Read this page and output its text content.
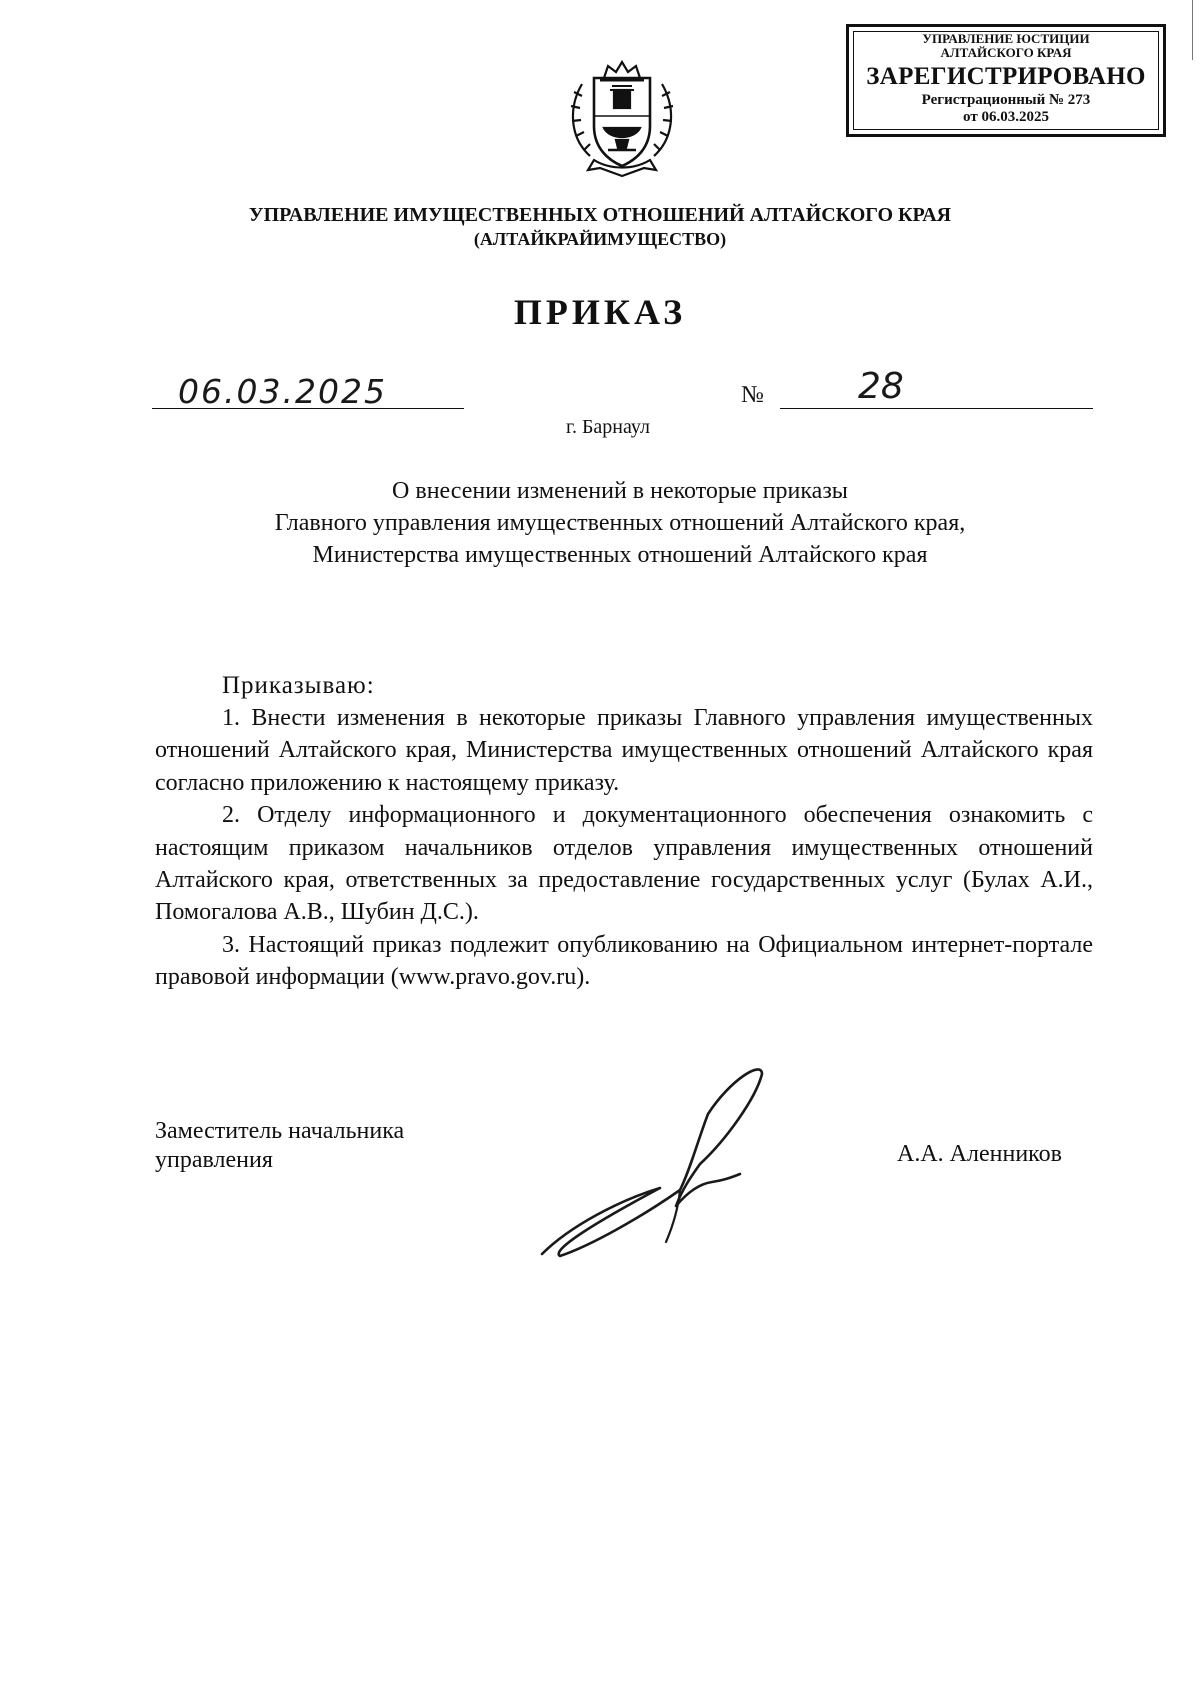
УПРАВЛЕНИЕ ЮСТИЦИИ
АЛТАЙСКОГО КРАЯ
ЗАРЕГИСТРИРОВАНО
Регистрационный № 273
от 06.03.2025
УПРАВЛЕНИЕ ИМУЩЕСТВЕННЫХ ОТНОШЕНИЙ АЛТАЙСКОГО КРАЯ
(АЛТАЙКРАЙИМУЩЕСТВО)
ПРИКАЗ
06.03.2025	№	28
г. Барнаул
О внесении изменений в некоторые приказы
Главного управления имущественных отношений Алтайского края,
Министерства имущественных отношений Алтайского края
Приказываю:

1. Внести изменения в некоторые приказы Главного управления имущественных отношений Алтайского края, Министерства имущественных отношений Алтайского края согласно приложению к настоящему приказу.

2. Отделу информационного и документационного обеспечения ознакомить с настоящим приказом начальников отделов управления имущественных отношений Алтайского края, ответственных за предоставление государственных услуг (Булах А.И., Помогалова А.В., Шубин Д.С.).

3. Настоящий приказ подлежит опубликованию на Официальном интернет-портале правовой информации (www.pravo.gov.ru).

Заместитель начальника
управления	А.А. Аленников
